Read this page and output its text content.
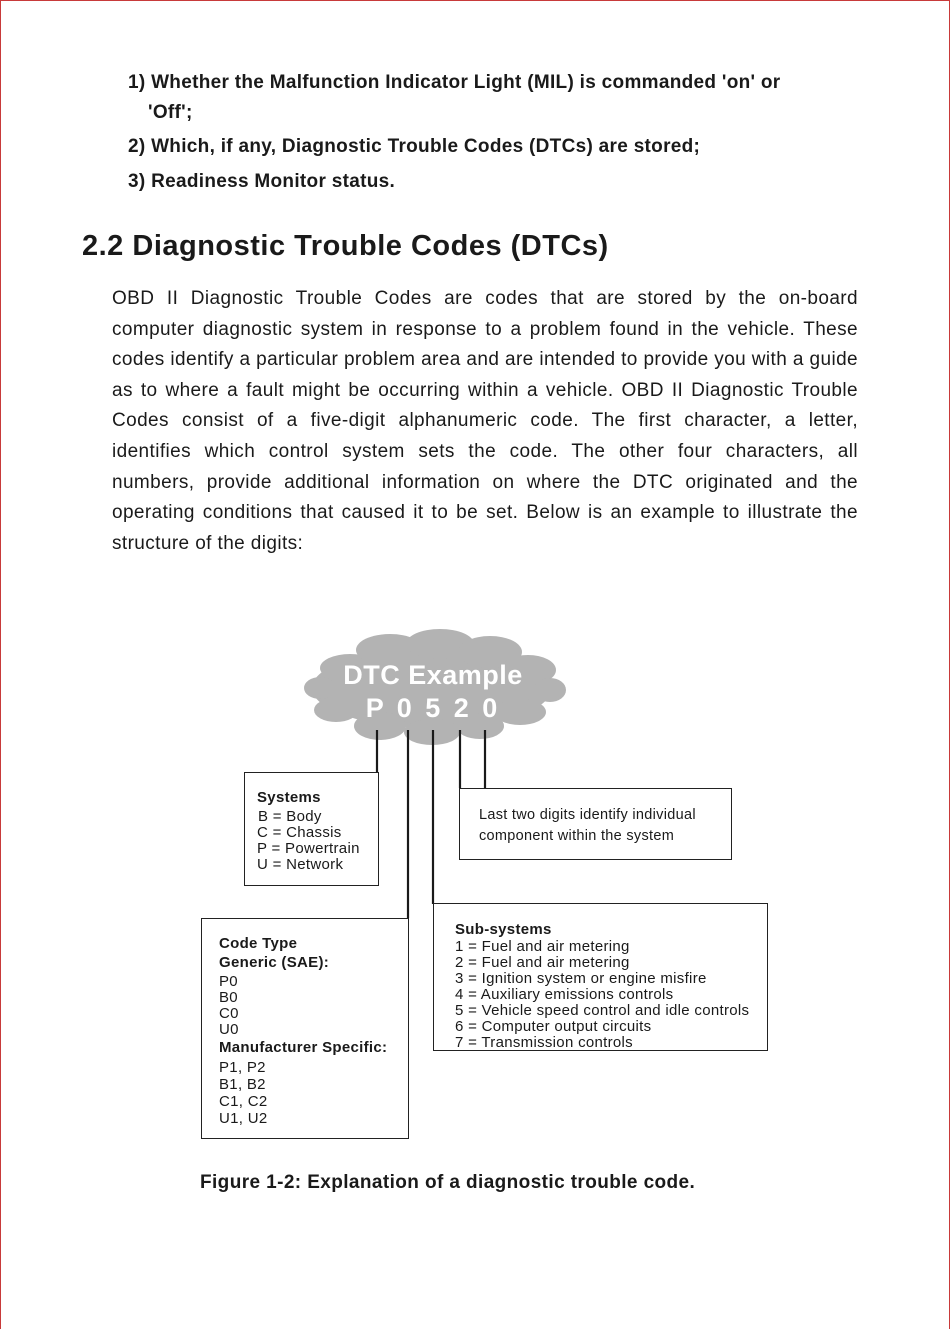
1) Whether the Malfunction Indicator Light (MIL) is commanded 'on' or
'Off';
2) Which, if any, Diagnostic Trouble Codes (DTCs) are stored;
3) Readiness Monitor status.
2.2 Diagnostic Trouble Codes (DTCs)

OBD II Diagnostic Trouble Codes are codes that are stored by the on-board computer diagnostic system in response to a problem found in the vehicle. These codes identify a particular problem area and are intended to provide you with a guide as to where a fault might be occurring within a vehicle. OBD II Diagnostic Trouble Codes consist of a five-digit alphanumeric code. The first character, a letter, identifies which control system sets the code. The other four characters, all numbers, provide additional information on where the DTC originated and the operating conditions that caused it to be set. Below is an example to illustrate the structure of the digits:

DTC Example
P 0 5 2 0
Systems
B = Body
C = Chassis
P = Powertrain
U = Network
Last two digits identify individual
component within the system
Code Type
Generic (SAE):
P0
B0
C0
U0
Manufacturer Specific:
P1, P2
B1, B2
C1, C2
U1, U2
Sub-systems
1 = Fuel and air metering
2 = Fuel and air metering
3 = Ignition system or engine misfire
4 = Auxiliary emissions controls
5 = Vehicle speed control and idle controls
6 = Computer output circuits
7 = Transmission controls

Figure 1-2: Explanation of a diagnostic trouble code.
